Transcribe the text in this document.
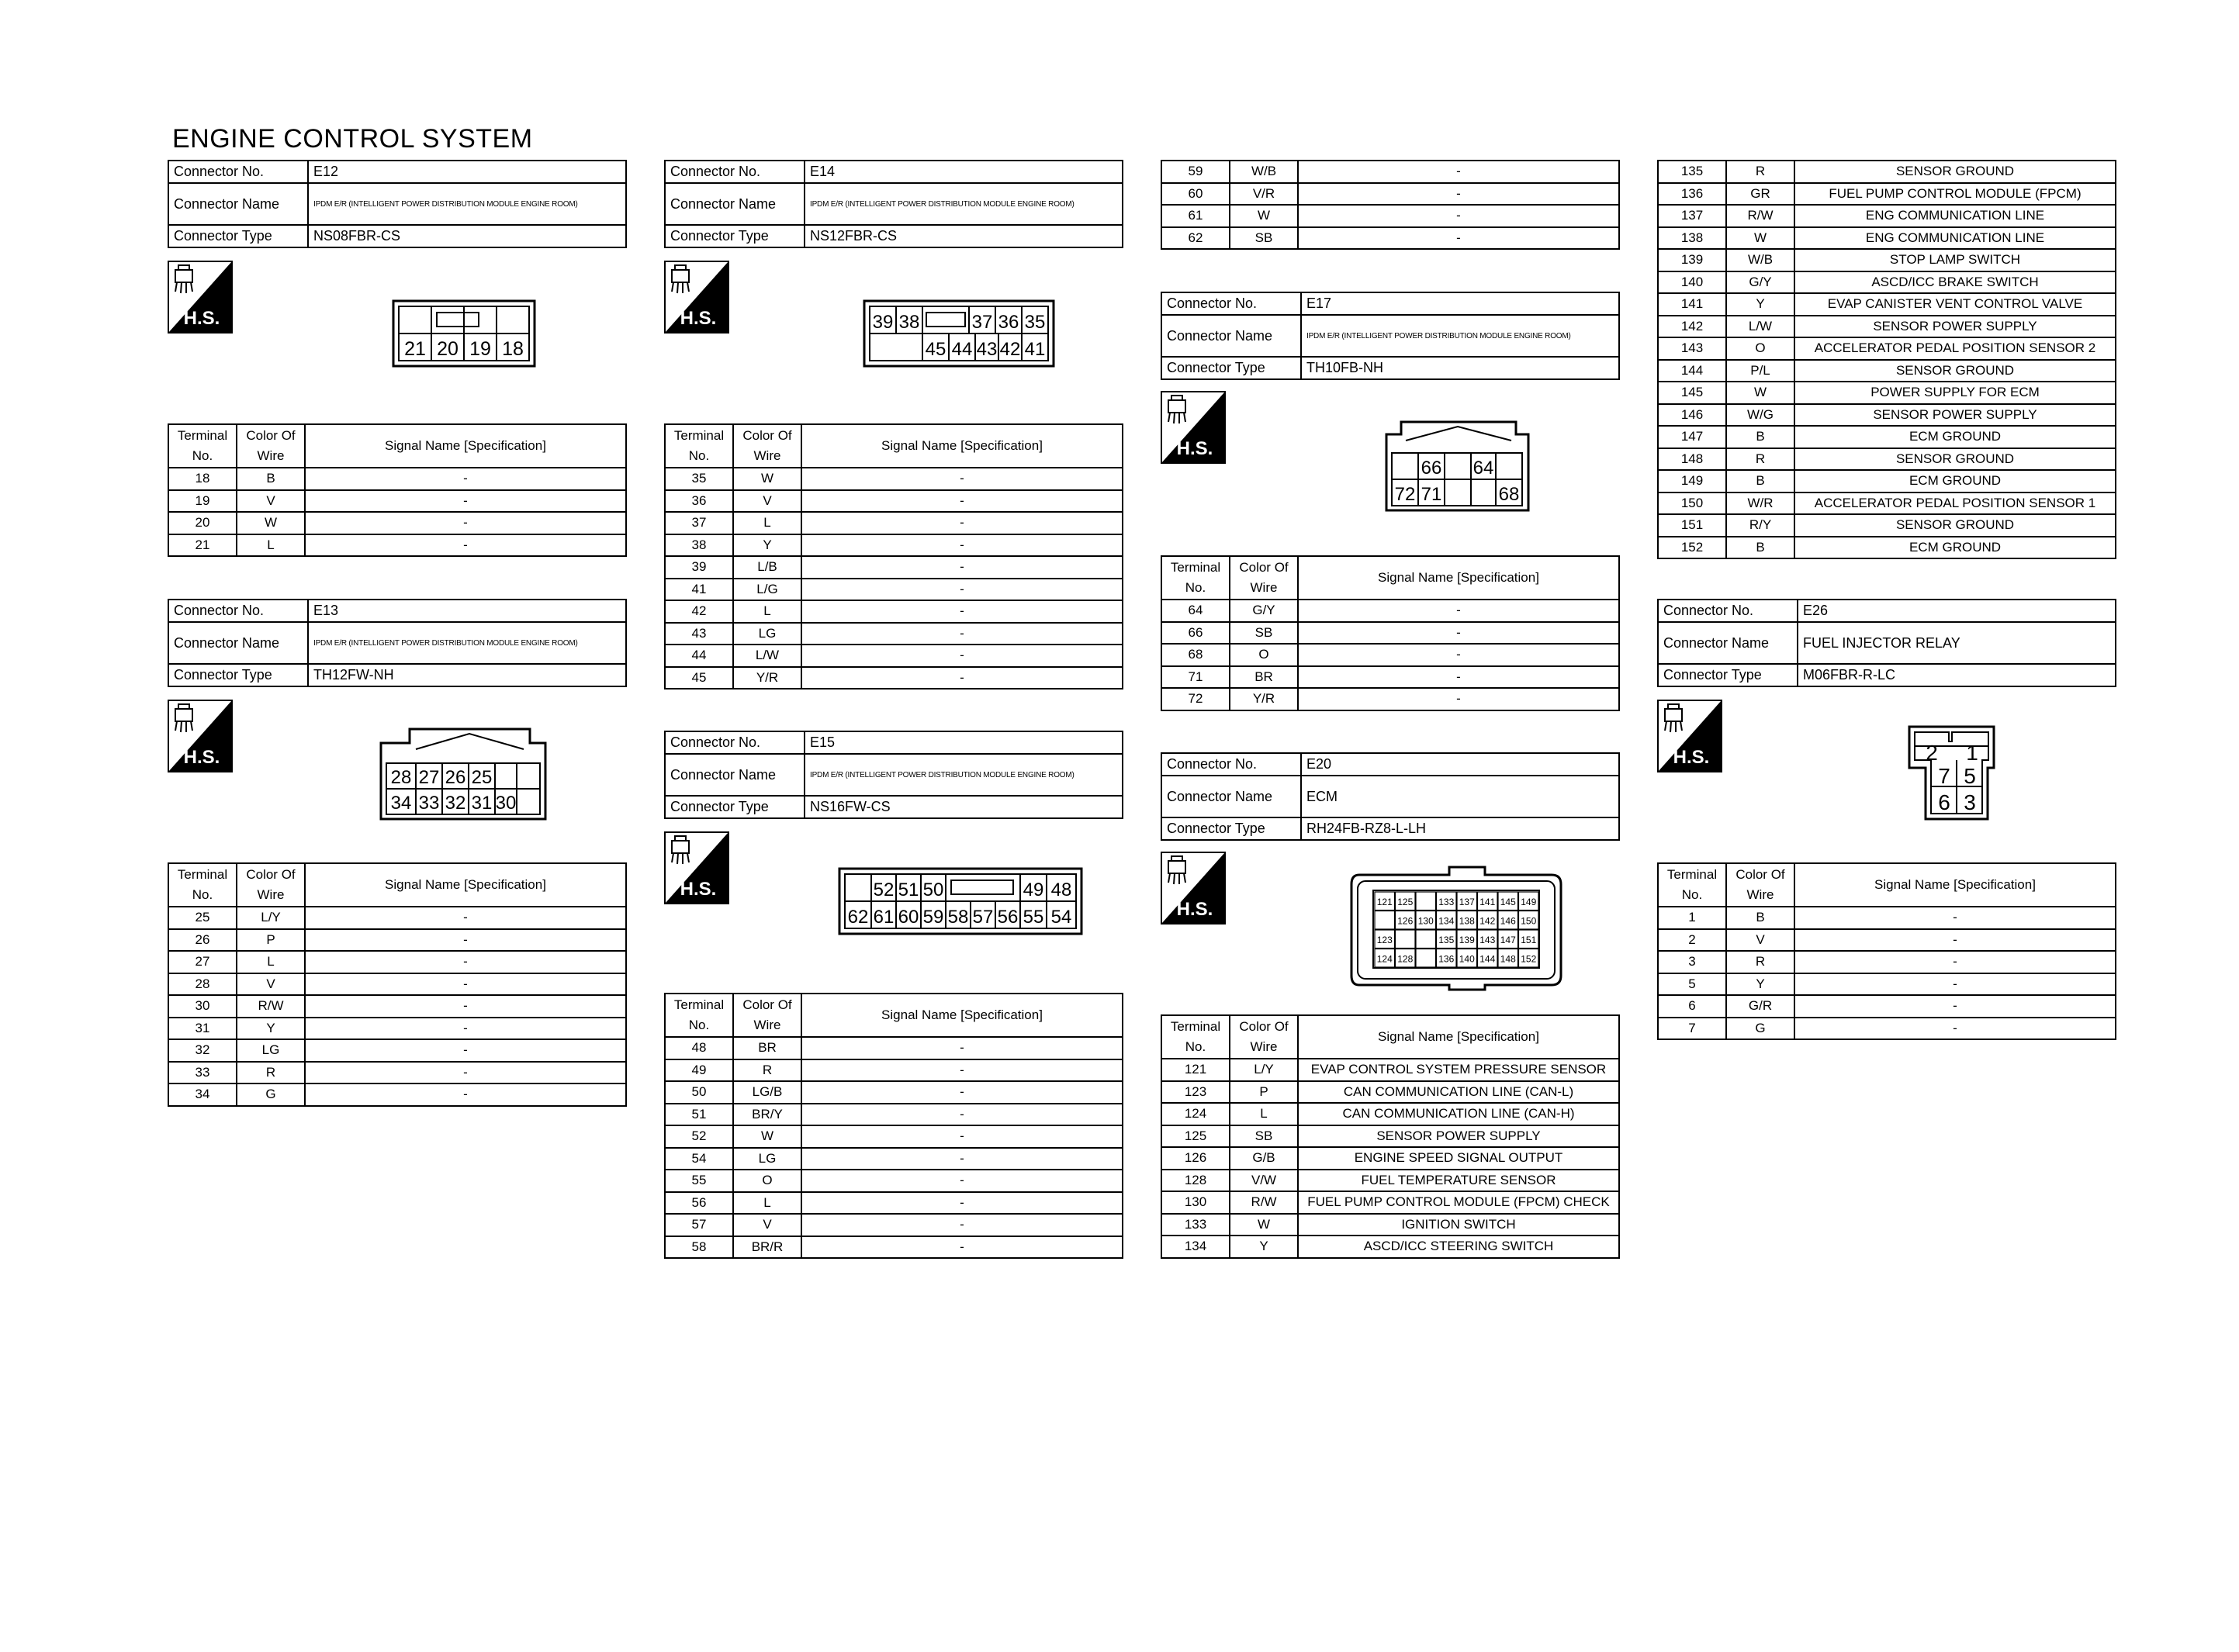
ENGINE CONTROL SYSTEM
Connector No.	E12
Connector Name	IPDM E/R (INTELLIGENT POWER DISTRIBUTION MODULE ENGINE ROOM)
Connector Type	NS08FBR-CS
H.S.
21 20 19 18
Terminal No.	Color Of Wire	Signal Name [Specification]
18	B	-
19	V	-
20	W	-
21	L	-
Connector No.	E13
Connector Name	IPDM E/R (INTELLIGENT POWER DISTRIBUTION MODULE ENGINE ROOM)
Connector Type	TH12FW-NH
H.S.
28 27 26 25
34 33 32 31 30
Terminal No.	Color Of Wire	Signal Name [Specification]
25	L/Y	-
26	P	-
27	L	-
28	V	-
30	R/W	-
31	Y	-
32	LG	-
33	R	-
34	G	-
Connector No.	E14
Connector Name	IPDM E/R (INTELLIGENT POWER DISTRIBUTION MODULE ENGINE ROOM)
Connector Type	NS12FBR-CS
H.S.	39 38	37 36 35
45 44 43 42 41
Terminal No.	Color Of Wire	Signal Name [Specification]
35	W	-
36	V	-
37	L	-
38	Y	-
39	L/B	-
41	L/G	-
42	L	-
43	LG	-
44	L/W	-
45	Y/R	-
Connector No.	E15
Connector Name	IPDM E/R (INTELLIGENT POWER DISTRIBUTION MODULE ENGINE ROOM)
Connector Type	NS16FW-CS
H.S.	52 51 50	49 48
62 61 60 59 58 57 56 55 54
Terminal No.	Color Of Wire	Signal Name [Specification]
48	BR	-
49	R	-
50	LG/B	-
51	BR/Y	-
52	W	-
54	LG	-
55	O	-
56	L	-
57	V	-
58	BR/R	-
59	W/B	-
60	V/R	-
61	W	-
62	SB	-
Connector No.	E17
Connector Name	IPDM E/R (INTELLIGENT POWER DISTRIBUTION MODULE ENGINE ROOM)
Connector Type	TH10FB-NH
H.S.
66 64
72 71	68
Terminal No.	Color Of Wire	Signal Name [Specification]
64	G/Y	-
66	SB	-
68	O	-
71	BR	-
72	Y/R	-
Connector No.	E20
Connector Name	ECM
Connector Type	RH24FB-RZ8-L-LH
H.S.	121 125	133 137 141 145 149
126 130 134 138 142 146 150
123	135 139 143 147 151
124 128	136 140 144 148 152
Terminal No.	Color Of Wire	Signal Name [Specification]
121	L/Y	EVAP CONTROL SYSTEM PRESSURE SENSOR
123	P	CAN COMMUNICATION LINE (CAN-L)
124	L	CAN COMMUNICATION LINE (CAN-H)
125	SB	SENSOR POWER SUPPLY
126	G/B	ENGINE SPEED SIGNAL OUTPUT
128	V/W	FUEL TEMPERATURE SENSOR
130	R/W	FUEL PUMP CONTROL MODULE (FPCM) CHECK
133	W	IGNITION SWITCH
134	Y	ASCD/ICC STEERING SWITCH
135	R	SENSOR GROUND
136	GR	FUEL PUMP CONTROL MODULE (FPCM)
137	R/W	ENG COMMUNICATION LINE
138	W	ENG COMMUNICATION LINE
139	W/B	STOP LAMP SWITCH
140	G/Y	ASCD/ICC BRAKE SWITCH
141	Y	EVAP CANISTER VENT CONTROL VALVE
142	L/W	SENSOR POWER SUPPLY
143	O	ACCELERATOR PEDAL POSITION SENSOR 2
144	P/L	SENSOR GROUND
145	W	POWER SUPPLY FOR ECM
146	W/G	SENSOR POWER SUPPLY
147	B	ECM GROUND
148	R	SENSOR GROUND
149	B	ECM GROUND
150	W/R	ACCELERATOR PEDAL POSITION SENSOR 1
151	R/Y	SENSOR GROUND
152	B	ECM GROUND
Connector No.	E26
Connector Name	FUEL INJECTOR RELAY
Connector Type	M06FBR-R-LC
H.S.	2 1
7 5
6 3
Terminal No.	Color Of Wire	Signal Name [Specification]
1	B	-
2	V	-
3	R	-
5	Y	-
6	G/R	-
7	G	-
